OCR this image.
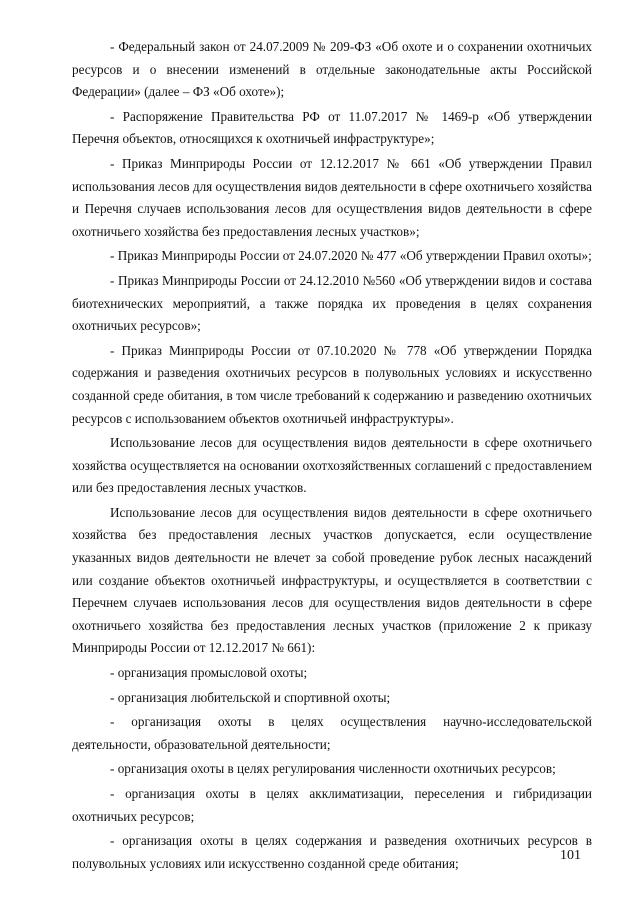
- Федеральный закон от 24.07.2009 № 209-ФЗ «Об охоте и о сохранении охотничьих ресурсов и о внесении изменений в отдельные законодательные акты Российской Федерации» (далее – ФЗ «Об охоте»);

- Распоряжение Правительства РФ от 11.07.2017 № 1469-р «Об утверждении Перечня объектов, относящихся к охотничьей инфраструктуре»;

- Приказ Минприроды России от 12.12.2017 № 661 «Об утверждении Правил использования лесов для осуществления видов деятельности в сфере охотничьего хозяйства и Перечня случаев использования лесов для осуществления видов деятельности в сфере охотничьего хозяйства без предоставления лесных участков»;

- Приказ Минприроды России от 24.07.2020 № 477 «Об утверждении Правил охоты»;

- Приказ Минприроды России от 24.12.2010 №560 «Об утверждении видов и состава биотехнических мероприятий, а также порядка их проведения в целях сохранения охотничьих ресурсов»;

- Приказ Минприроды России от 07.10.2020 № 778 «Об утверждении Порядка содержания и разведения охотничьих ресурсов в полувольных условиях и искусственно созданной среде обитания, в том числе требований к содержанию и разведению охотничьих ресурсов с использованием объектов охотничьей инфраструктуры».

Использование лесов для осуществления видов деятельности в сфере охотничьего хозяйства осуществляется на основании охотхозяйственных соглашений с предоставлением или без предоставления лесных участков.

Использование лесов для осуществления видов деятельности в сфере охотничьего хозяйства без предоставления лесных участков допускается, если осуществление указанных видов деятельности не влечет за собой проведение рубок лесных насаждений или создание объектов охотничьей инфраструктуры, и осуществляется в соответствии с Перечнем случаев использования лесов для осуществления видов деятельности в сфере охотничьего хозяйства без предоставления лесных участков (приложение 2 к приказу Минприроды России от 12.12.2017 № 661):

- организация промысловой охоты;

- организация любительской и спортивной охоты;

- организация охоты в целях осуществления научно-исследовательской деятельности, образовательной деятельности;

- организация охоты в целях регулирования численности охотничьих ресурсов;

- организация охоты в целях акклиматизации, переселения и гибридизации охотничьих ресурсов;

- организация охоты в целях содержания и разведения охотничьих ресурсов в полувольных условиях или искусственно созданной среде обитания;

101
